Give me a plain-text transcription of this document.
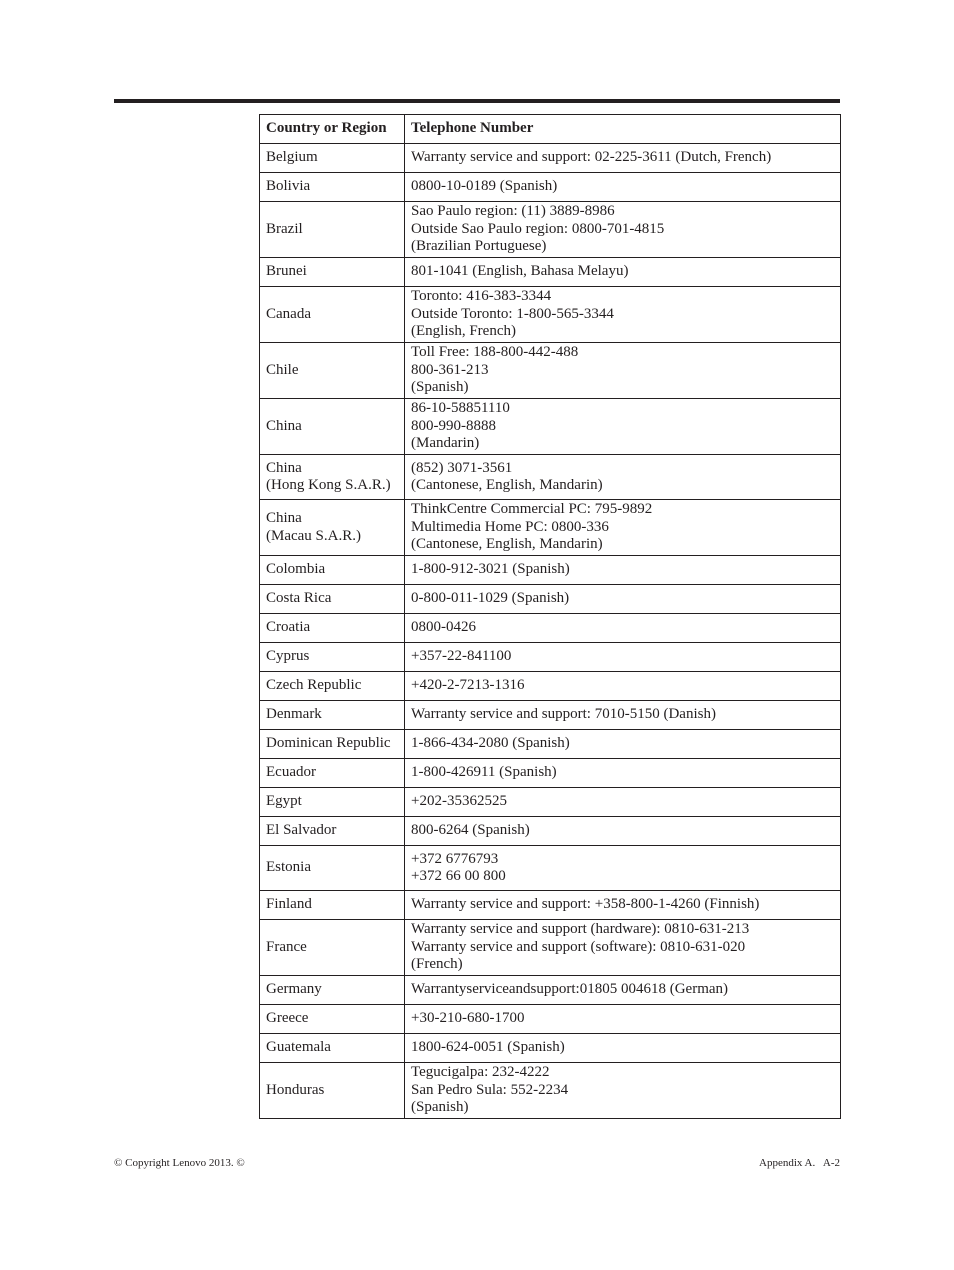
Country or Region	Telephone Number

Belgium	Warranty service and support: 02-225-3611 (Dutch, French)

Bolivia	0800-10-0189 (Spanish)

Brazil	Sao Paulo region: (11) 3889-8986
Outside Sao Paulo region: 0800-701-4815
(Brazilian Portuguese)

Brunei	801-1041 (English, Bahasa Melayu)

Canada	Toronto: 416-383-3344
Outside Toronto: 1-800-565-3344
(English, French)

Chile	Toll Free: 188-800-442-488
800-361-213
(Spanish)

China	86-10-58851110
800-990-8888
(Mandarin)

China
(Hong Kong S.A.R.)	(852) 3071-3561
(Cantonese, English, Mandarin)

China
(Macau S.A.R.)	ThinkCentre Commercial PC: 795-9892
Multimedia Home PC: 0800-336
(Cantonese, English, Mandarin)

Colombia	1-800-912-3021 (Spanish)

Costa Rica	0-800-011-1029 (Spanish)

Croatia	0800-0426

Cyprus	+357-22-841100

Czech Republic	+420-2-7213-1316

Denmark	Warranty service and support: 7010-5150 (Danish)

Dominican Republic	1-866-434-2080 (Spanish)

Ecuador	1-800-426911 (Spanish)

Egypt	+202-35362525

El Salvador	800-6264 (Spanish)

Estonia	+372 6776793
+372 66 00 800

Finland	Warranty service and support: +358-800-1-4260 (Finnish)

France	Warranty service and support (hardware): 0810-631-213
Warranty service and support (software): 0810-631-020
(French)

Germany	Warrantyserviceandsupport:01805 004618 (German)

Greece	+30-210-680-1700

Guatemala	1800-624-0051 (Spanish)

Honduras	Tegucigalpa: 232-4222
San Pedro Sula: 552-2234
(Spanish)
© Copyright Lenovo 2013. ©	Appendix A.   A-2
